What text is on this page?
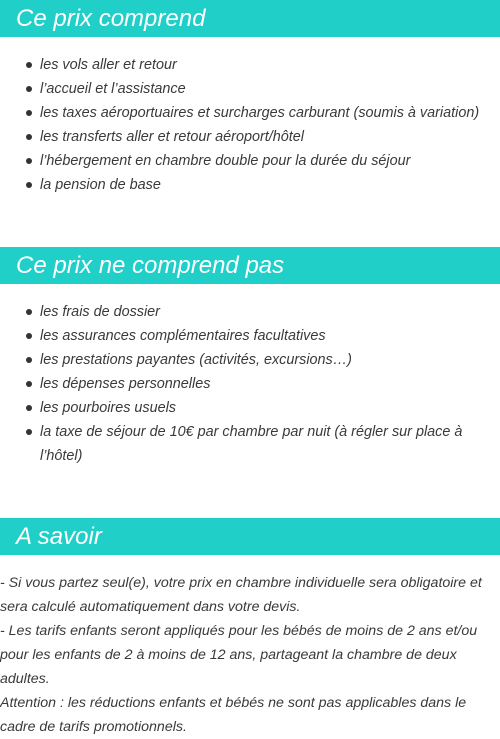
Ce prix comprend
les vols aller et retour
l’accueil et l’assistance
les taxes aéroportuaires et surcharges carburant (soumis à variation)
les transferts aller et retour aéroport/hôtel
l’hébergement en chambre double pour la durée du séjour
la pension de base
Ce prix ne comprend pas
les frais de dossier
les assurances complémentaires facultatives
les prestations payantes (activités, excursions…)
les dépenses personnelles
les pourboires usuels
la taxe de séjour de 10€ par chambre par nuit (à régler sur place à l’hôtel)
A savoir

- Si vous partez seul(e), votre prix en chambre individuelle sera obligatoire et sera calculé automatiquement dans votre devis.

- Les tarifs enfants seront appliqués pour les bébés de moins de 2 ans et/ou pour les enfants de 2 à moins de 12 ans, partageant la chambre de deux adultes.

Attention : les réductions enfants et bébés ne sont pas applicables dans le cadre de tarifs promotionnels.
